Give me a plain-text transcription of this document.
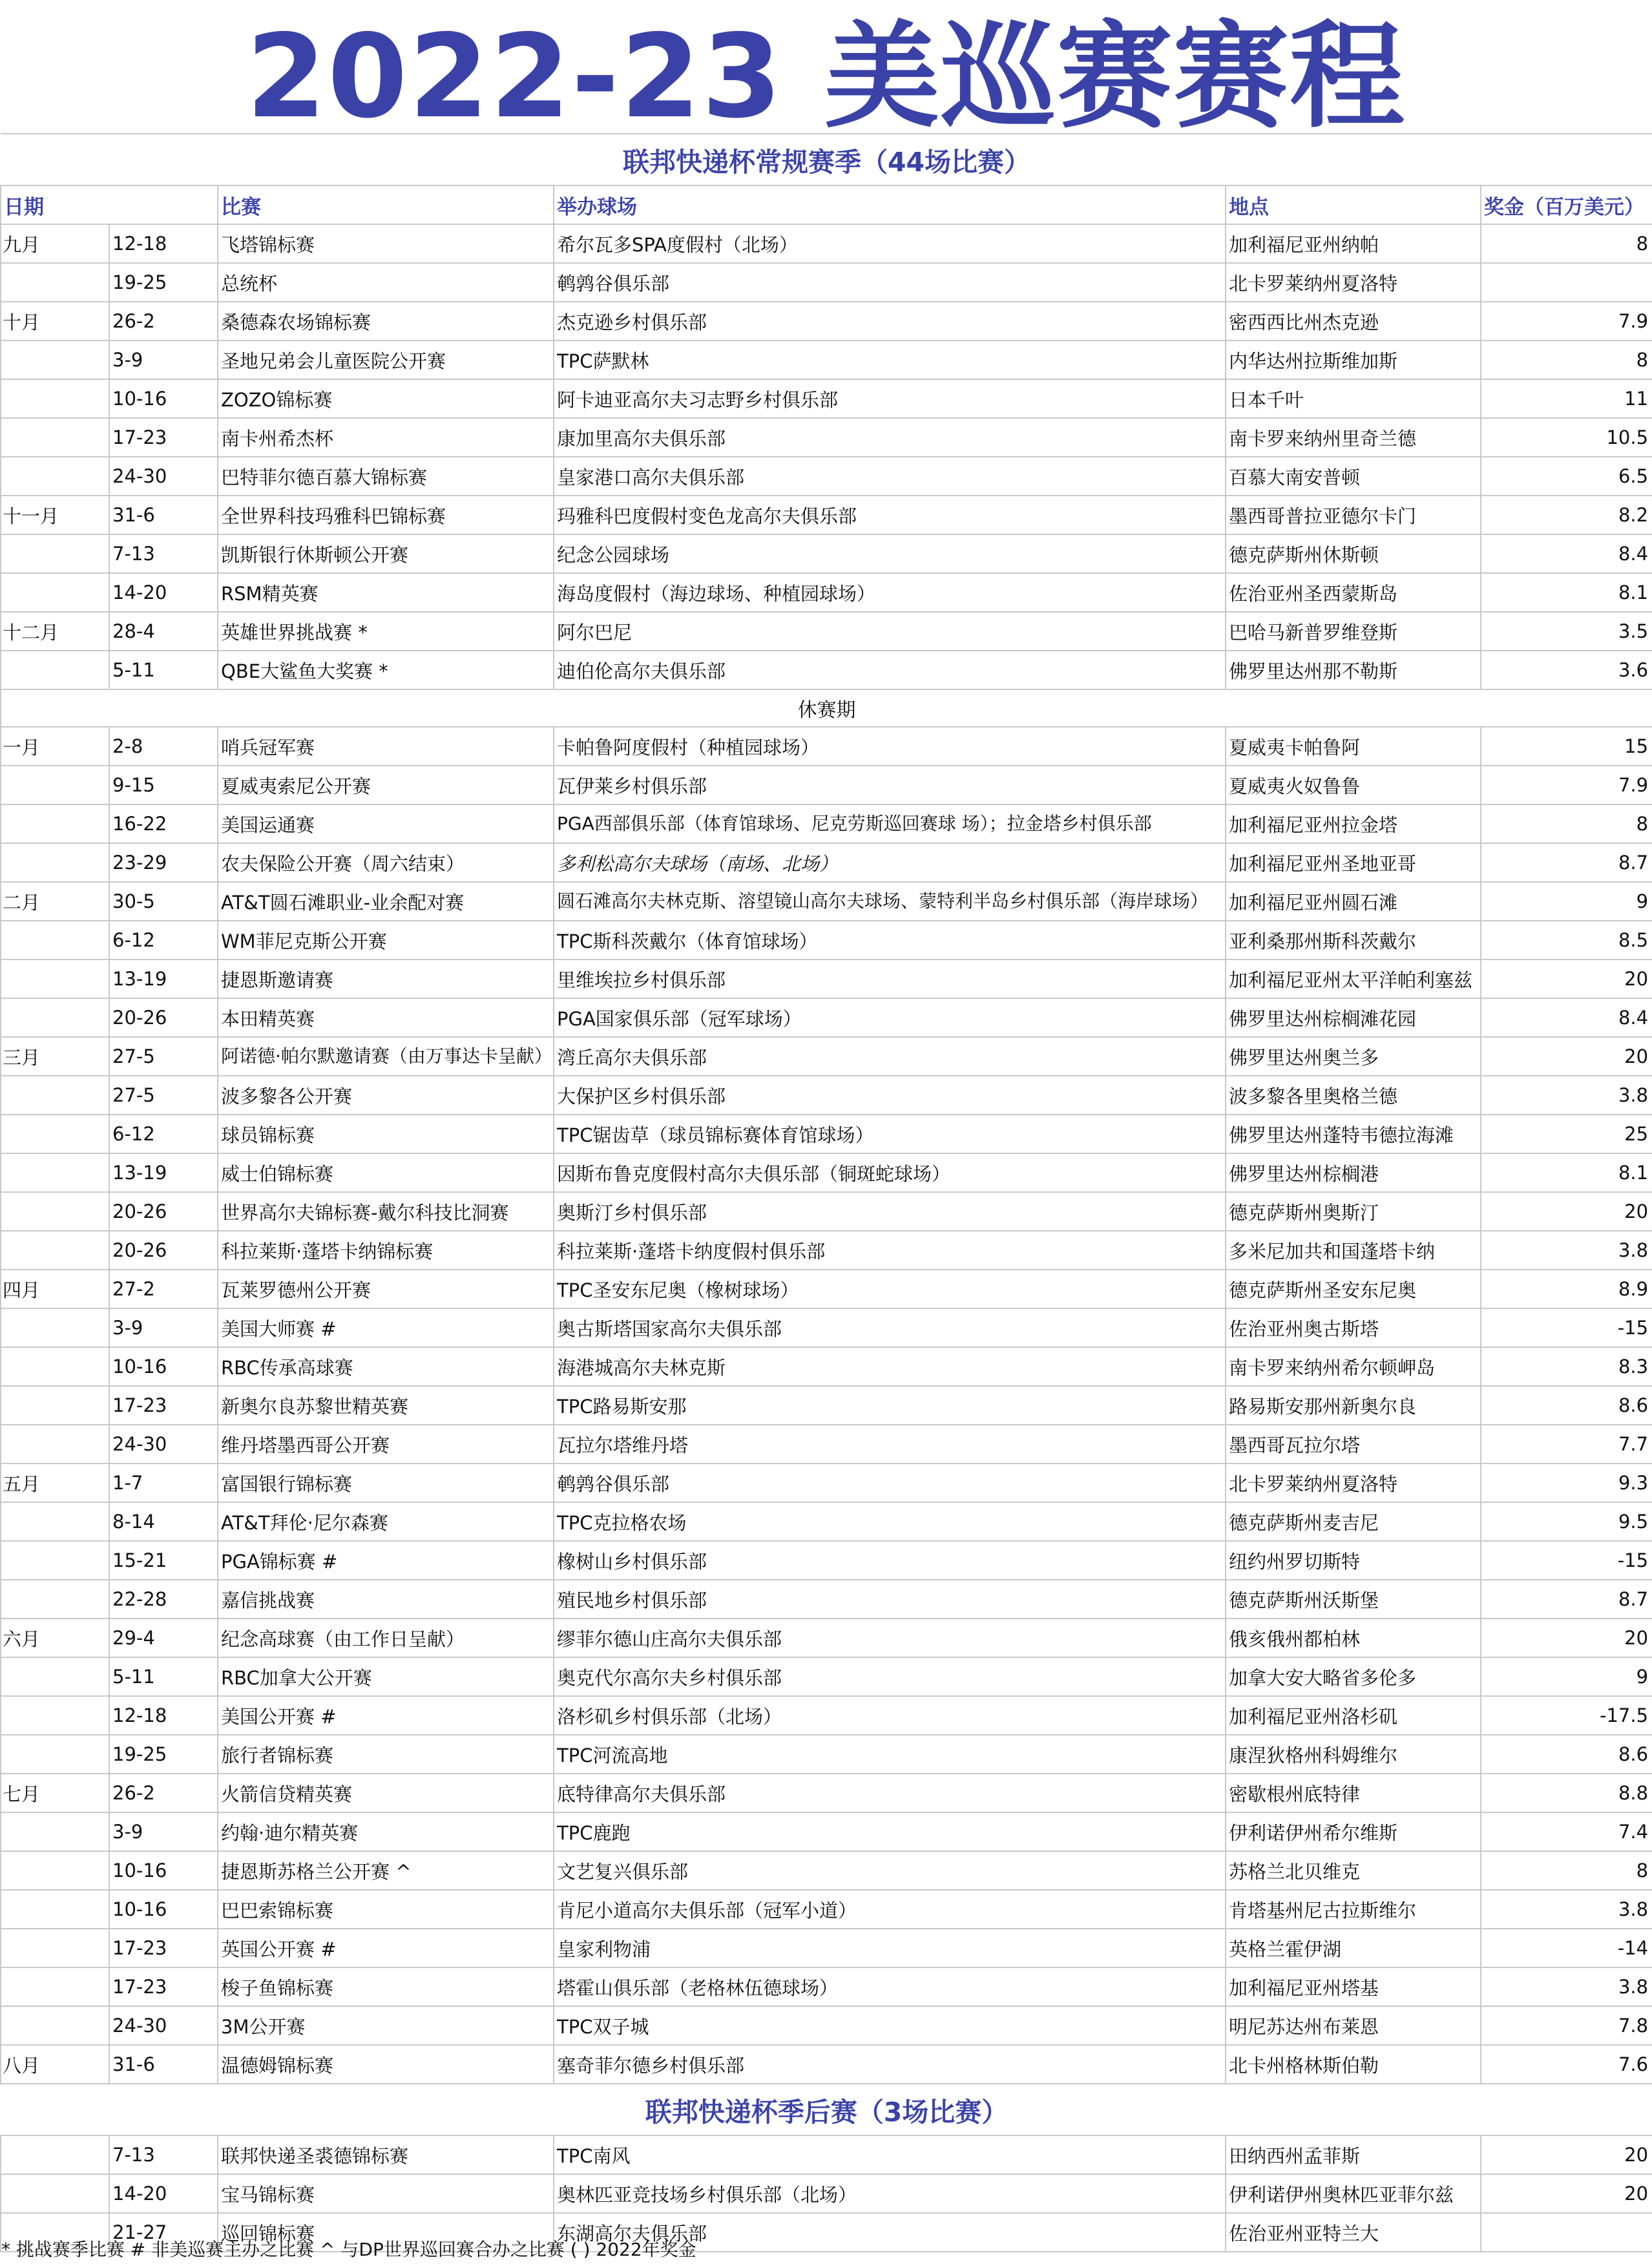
2022-23 美巡赛赛程
联邦快递杯常规赛季（44场比赛）					
日期		比赛	举办球场	地点	奖金（百万美元）
九月	12-18	飞塔锦标赛	希尔瓦多SPA度假村（北场）	加利福尼亚州纳帕	8
	19-25	总统杯	鹌鹑谷俱乐部	北卡罗莱纳州夏洛特	
十月	26-2	桑德森农场锦标赛	杰克逊乡村俱乐部	密西西比州杰克逊	7.9
	3-9	圣地兄弟会儿童医院公开赛	TPC萨默林	内华达州拉斯维加斯	8
	10-16	ZOZO锦标赛	阿卡迪亚高尔夫习志野乡村俱乐部	日本千叶	11
	17-23	南卡州希杰杯	康加里高尔夫俱乐部	南卡罗来纳州里奇兰德	10.5
	24-30	巴特菲尔德百慕大锦标赛	皇家港口高尔夫俱乐部	百慕大南安普顿	6.5
十一月	31-6	全世界科技玛雅科巴锦标赛	玛雅科巴度假村变色龙高尔夫俱乐部	墨西哥普拉亚德尔卡门	8.2
	7-13	凯斯银行休斯顿公开赛	纪念公园球场	德克萨斯州休斯顿	8.4
	14-20	RSM精英赛	海岛度假村（海边球场、种植园球场）	佐治亚州圣西蒙斯岛	8.1
十二月	28-4	英雄世界挑战赛 *	阿尔巴尼	巴哈马新普罗维登斯	3.5
	5-11	QBE大鲨鱼大奖赛 *	迪伯伦高尔夫俱乐部	佛罗里达州那不勒斯	3.6
休赛期					
一月	2-8	哨兵冠军赛	卡帕鲁阿度假村（种植园球场）	夏威夷卡帕鲁阿	15
	9-15	夏威夷索尼公开赛	瓦伊莱乡村俱乐部	夏威夷火奴鲁鲁	7.9
	16-22	美国运通赛	PGA西部俱乐部（体育馆球场、尼克劳斯巡回赛球 场）；拉金塔乡村俱乐部	加利福尼亚州拉金塔	8
	23-29	农夫保险公开赛（周六结束）	多利松高尔夫球场（南场、北场）	加利福尼亚州圣地亚哥	8.7
二月	30-5	AT&T圆石滩职业-业余配对赛	圆石滩高尔夫林克斯、溶望镜山高尔夫球场、蒙特利半岛乡村俱乐部（海岸球场）	加利福尼亚州圆石滩	9
	6-12	WM菲尼克斯公开赛	TPC斯科茨戴尔（体育馆球场）	亚利桑那州斯科茨戴尔	8.5
	13-19	捷恩斯邀请赛	里维埃拉乡村俱乐部	加利福尼亚州太平洋帕利塞兹	20
	20-26	本田精英赛	PGA国家俱乐部（冠军球场）	佛罗里达州棕榈滩花园	8.4
三月	27-5	阿诺德·帕尔默邀请赛（由万事达卡呈献）	湾丘高尔夫俱乐部	佛罗里达州奥兰多	20
	27-5	波多黎各公开赛	大保护区乡村俱乐部	波多黎各里奥格兰德	3.8
	6-12	球员锦标赛	TPC锯齿草（球员锦标赛体育馆球场）	佛罗里达州蓬特韦德拉海滩	25
	13-19	威士伯锦标赛	因斯布鲁克度假村高尔夫俱乐部（铜斑蛇球场）	佛罗里达州棕榈港	8.1
	20-26	世界高尔夫锦标赛-戴尔科技比洞赛	奥斯汀乡村俱乐部	德克萨斯州奥斯汀	20
	20-26	科拉莱斯·蓬塔卡纳锦标赛	科拉莱斯·蓬塔卡纳度假村俱乐部	多米尼加共和国蓬塔卡纳	3.8
四月	27-2	瓦莱罗德州公开赛	TPC圣安东尼奥（橡树球场）	德克萨斯州圣安东尼奥	8.9
	3-9	美国大师赛 #	奥古斯塔国家高尔夫俱乐部	佐治亚州奥古斯塔	-15
	10-16	RBC传承高球赛	海港城高尔夫林克斯	南卡罗来纳州希尔顿岬岛	8.3
	17-23	新奥尔良苏黎世精英赛	TPC路易斯安那	路易斯安那州新奥尔良	8.6
	24-30	维丹塔墨西哥公开赛	瓦拉尔塔维丹塔	墨西哥瓦拉尔塔	7.7
五月	1-7	富国银行锦标赛	鹌鹑谷俱乐部	北卡罗莱纳州夏洛特	9.3
	8-14	AT&T拜伦·尼尔森赛	TPC克拉格农场	德克萨斯州麦吉尼	9.5
	15-21	PGA锦标赛 #	橡树山乡村俱乐部	纽约州罗切斯特	-15
	22-28	嘉信挑战赛	殖民地乡村俱乐部	德克萨斯州沃斯堡	8.7
六月	29-4	纪念高球赛（由工作日呈献）	缪菲尔德山庄高尔夫俱乐部	俄亥俄州都柏林	20
	5-11	RBC加拿大公开赛	奥克代尔高尔夫乡村俱乐部	加拿大安大略省多伦多	9
	12-18	美国公开赛 #	洛杉矶乡村俱乐部（北场）	加利福尼亚州洛杉矶	-17.5
	19-25	旅行者锦标赛	TPC河流高地	康涅狄格州科姆维尔	8.6
七月	26-2	火箭信贷精英赛	底特律高尔夫俱乐部	密歇根州底特律	8.8
	3-9	约翰·迪尔精英赛	TPC鹿跑	伊利诺伊州希尔维斯	7.4
	10-16	捷恩斯苏格兰公开赛 ^	文艺复兴俱乐部	苏格兰北贝维克	8
	10-16	巴巴索锦标赛	肯尼小道高尔夫俱乐部（冠军小道）	肯塔基州尼古拉斯维尔	3.8
	17-23	英国公开赛 #	皇家利物浦	英格兰霍伊湖	-14
	17-23	梭子鱼锦标赛	塔霍山俱乐部（老格林伍德球场）	加利福尼亚州塔基	3.8
	24-30	3M公开赛	TPC双子城	明尼苏达州布莱恩	7.8
八月	31-6	温德姆锦标赛	塞奇菲尔德乡村俱乐部	北卡州格林斯伯勒	7.6
联邦快递杯季后赛（3场比赛）					
	7-13	联邦快递圣裘德锦标赛	TPC南风	田纳西州孟菲斯	20
	14-20	宝马锦标赛	奥林匹亚竞技场乡村俱乐部（北场）	伊利诺伊州奥林匹亚菲尔兹	20
	21-27	巡回锦标赛	东湖高尔夫俱乐部	佐治亚州亚特兰大	
* 挑战赛季比赛 # 非美巡赛主办之比赛 ^ 与DP世界巡回赛合办之比赛 ( ) 2022年奖金
